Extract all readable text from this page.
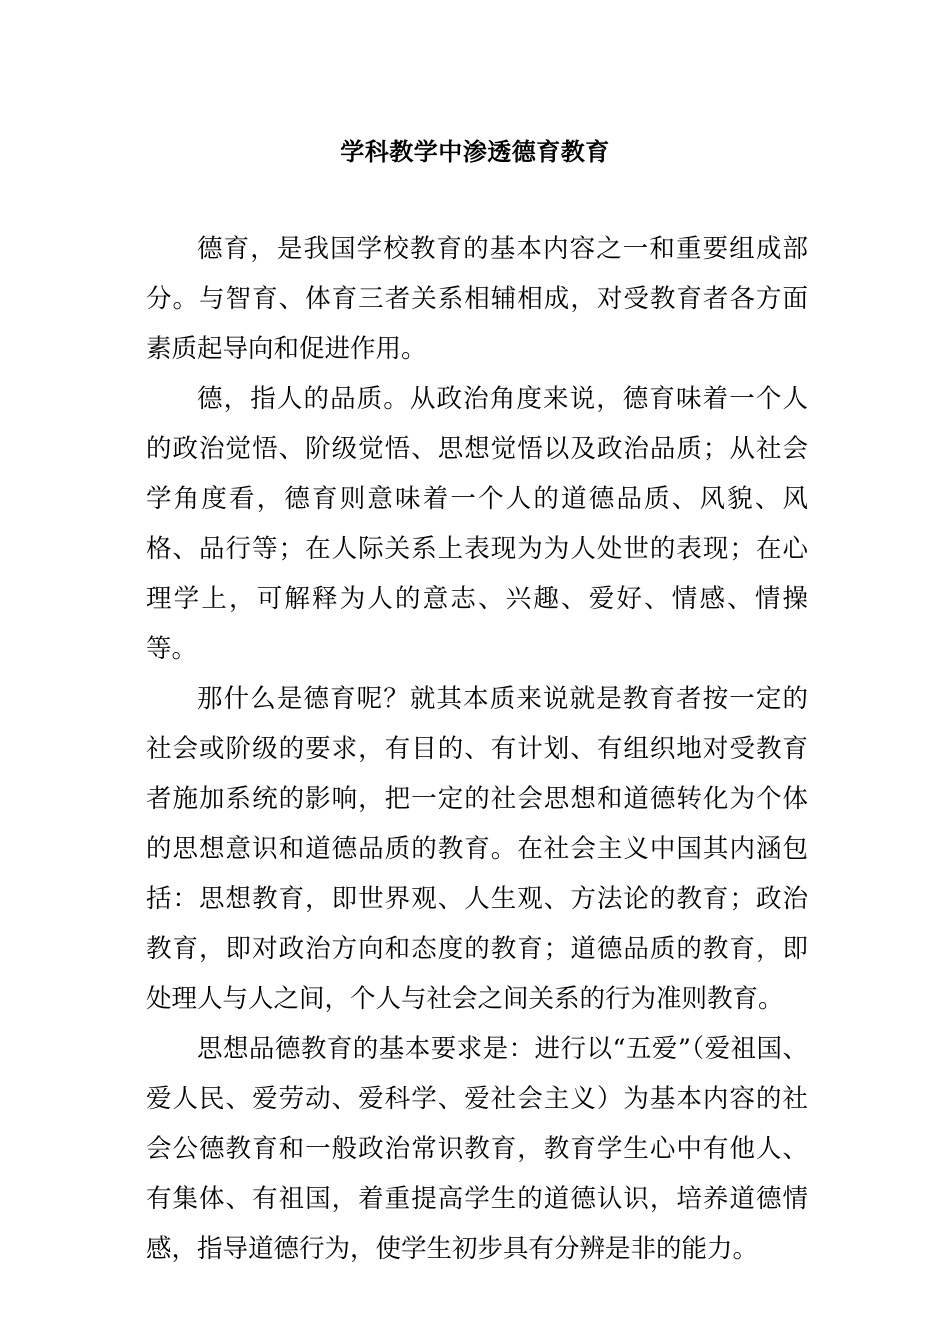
学科教学中渗透德育教育

德育，是我国学校教育的基本内容之一和重要组成部分。与智育、体育三者关系相辅相成，对受教育者各方面素质起导向和促进作用。

德，指人的品质。从政治角度来说，德育味着一个人的政治觉悟、阶级觉悟、思想觉悟以及政治品质；从社会学角度看，德育则意味着一个人的道德品质、风貌、风格、品行等；在人际关系上表现为为人处世的表现；在心理学上，可解释为人的意志、兴趣、爱好、情感、情操等。

那什么是德育呢？就其本质来说就是教育者按一定的社会或阶级的要求，有目的、有计划、有组织地对受教育者施加系统的影响，把一定的社会思想和道德转化为个体的思想意识和道德品质的教育。在社会主义中国其内涵包括：思想教育，即世界观、人生观、方法论的教育；政治教育，即对政治方向和态度的教育；道德品质的教育，即处理人与人之间，个人与社会之间关系的行为准则教育。

思想品德教育的基本要求是：进行以“五爱”（爱祖国、爱人民、爱劳动、爱科学、爱社会主义）为基本内容的社会公德教育和一般政治常识教育，教育学生心中有他人、有集体、有祖国，着重提高学生的道德认识，培养道德情感，指导道德行为，使学生初步具有分辨是非的能力。
